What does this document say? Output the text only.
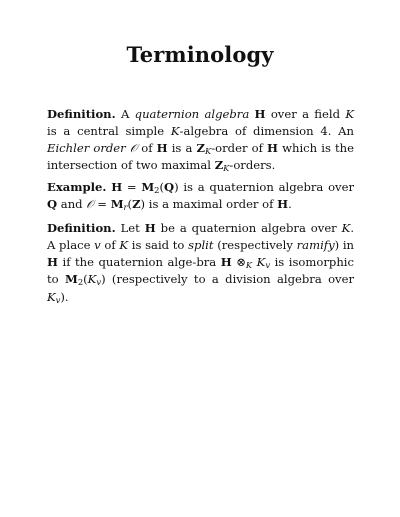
Terminology

Definition. A quaternion algebra H over a field K is a central simple K-algebra of dimension 4. An Eichler order 𝒪 of H is a $Z_K$-order of H which is the intersection of two maximal $Z_K$-orders.

Example. $H = M_2(Q)$ is a quaternion algebra over Q and 𝒪 = $M_r(Z)$ is a maximal order of H.

Definition. Let H be a quaternion algebra over K. A place v of K is said to split (respectively ramify) in H if the quaternion alge-bra H $\otimes_K$ $K_v$ is isomorphic to $M_2(K_v)$ (respectively to a division algebra over $K_v$).
